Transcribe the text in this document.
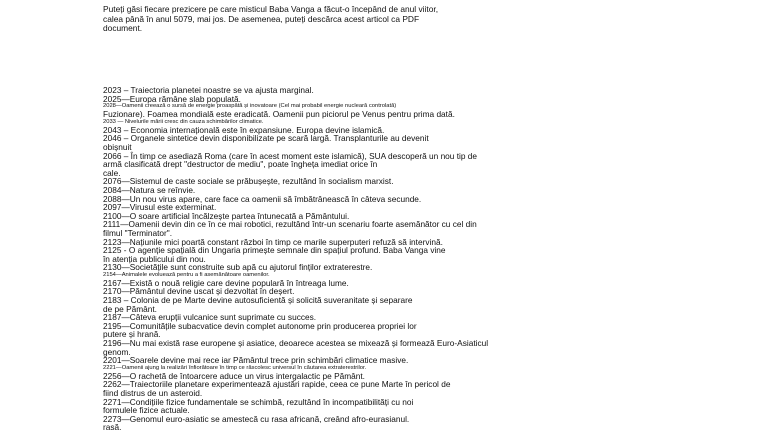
Puteți găsi fiecare prezicere pe care misticul Baba Vanga a făcut-o începând de anul viitor,
calea până în anul 5079, mai jos. De asemenea, puteți descărca acest articol ca PDF
document.
2023 – Traiectoria planetei noastre se va ajusta marginal.
2025—Europa rămâne slab populată.
2028—Oamenii creează o sursă de energie proaspătă și inovatoare (Cel mai probabil energie nucleară controlată)
Fuzionare). Foamea mondială este eradicată. Oamenii pun piciorul pe Venus pentru prima dată.
2033 — Nivelurile mării cresc din cauza schimbărilor climatice.
2043 – Economia internațională este în expansiune. Europa devine islamică.
2046 – Organele sintetice devin disponibilizate pe scară largă. Transplanturile au devenit
obișnuit
2066 – În timp ce asediază Roma (care în acest moment este islamică), SUA descoperă un nou tip de
armă clasificată drept "destructor de mediu", poate îngheța imediat orice în
cale.
2076—Sistemul de caste sociale se prăbușește, rezultând în socialism marxist.
2084—Natura se reînvie.
2088—Un nou virus apare, care face ca oamenii să îmbătrânească în câteva secunde.
2097—Virusul este exterminat.
2100—O soare artificial încălzește partea întunecată a Pământului.
2111—Oamenii devin din ce în ce mai robotici, rezultând într-un scenariu foarte asemănător cu cel din
filmul "Terminator".
2123—Națiunile mici poartă constant război în timp ce marile superputeri refuză să intervină.
2125 - O agenție spațială din Ungaria primește semnale din spațiul profund. Baba Vanga vine
în atenția publicului din nou.
2130—Societățile sunt construite sub apă cu ajutorul finților extraterestre.
2154—Animalele evoluează pentru a fi asemănătoare oamenilor.
2167—Există o nouă religie care devine populară în întreaga lume.
2170—Pământul devine uscat și dezvoltat în deșert.
2183 – Colonia de pe Marte devine autosuficientă și solicită suveranitate și separare
de pe Pământ.
2187—Câteva erupții vulcanice sunt suprimate cu succes.
2195—Comunitățile subacvatice devin complet autonome prin producerea propriei lor
putere și hrană.
2196—Nu mai există rase europene și asiatice, deoarece acestea se mixează și formează Euro-Asiaticul
genom.
2201—Soarele devine mai rece iar Pământul trece prin schimbări climatice masive.
2221—Oamenii ajung la realizări înfiorătoare în timp ce răscolesc universul în căutarea extraterestrilor.
2256—O rachetă de întoarcere aduce un virus intergalactic pe Pământ.
2262—Traiectoriile planetare experimentează ajustări rapide, ceea ce pune Marte în pericol de
fiind distrus de un asteroid.
2271—Condițiile fizice fundamentale se schimbă, rezultând în incompatibilități cu noi
formulele fizice actuale.
2273—Genomul euro-asiatic se amestecă cu rasa africană, creând afro-eurasianul.
rasă.
